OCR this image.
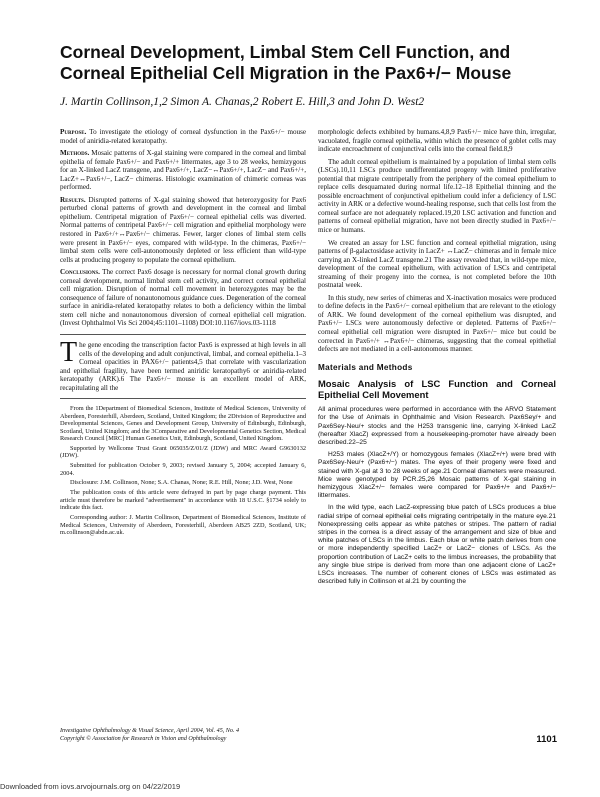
Corneal Development, Limbal Stem Cell Function, and Corneal Epithelial Cell Migration in the Pax6+/− Mouse
J. Martin Collinson,1,2 Simon A. Chanas,2 Robert E. Hill,3 and John D. West2

Purpose. To investigate the etiology of corneal dysfunction in the Pax6+/− mouse model of aniridia-related keratopathy.

Methods. Mosaic patterns of X-gal staining were compared in the corneal and limbal epithelia of female Pax6+/− and Pax6+/+ littermates, age 3 to 28 weeks, hemizygous for an X-linked LacZ transgene, and Pax6+/+, LacZ−↔Pax6+/+, LacZ− and Pax6+/+, LacZ+↔Pax6+/−, LacZ− chimeras. Histologic examination of chimeric corneas was performed.

Results. Disrupted patterns of X-gal staining showed that heterozygosity for Pax6 perturbed clonal patterns of growth and development in the corneal and limbal epithelium. Centripetal migration of Pax6+/− corneal epithelial cells was diverted. Normal patterns of centripetal Pax6+/− cell migration and epithelial morphology were restored in Pax6+/+↔Pax6+/− chimeras. Fewer, larger clones of limbal stem cells were present in Pax6+/− eyes, compared with wild-type. In the chimeras, Pax6+/− limbal stem cells were cell-autonomously depleted or less efficient than wild-type cells at producing progeny to populate the corneal epithelium.

Conclusions. The correct Pax6 dosage is necessary for normal clonal growth during corneal development, normal limbal stem cell activity, and correct corneal epithelial cell migration. Disruption of normal cell movement in heterozygotes may be the consequence of failure of nonautonomous guidance cues. Degeneration of the corneal surface in aniridia-related keratopathy relates to both a deficiency within the limbal stem cell niche and nonautonomous diversion of corneal epithelial cell migration. (Invest Ophthalmol Vis Sci 2004;45:1101–1108) DOI:10.1167/iovs.03-1118

The gene encoding the transcription factor Pax6 is expressed at high levels in all cells of the developing and adult conjunctival, limbal, and corneal epithelia.1–3 Corneal opacities in PAX6+/− patients4,5 that correlate with vascularization and epithelial fragility, have been termed aniridic keratopathy6 or aniridia-related keratopathy (ARK).6 The Pax6+/− mouse is an excellent model of ARK, recapitulating all the

From the 1Department of Biomedical Sciences, Institute of Medical Sciences, University of Aberdeen, Foresterhill, Aberdeen, Scotland, United Kingdom; the 2Division of Reproductive and Developmental Sciences, Genes and Development Group, University of Edinburgh, Edinburgh, Scotland, United Kingdom; and the 3Comparative and Developmental Genetics Section, Medical Research Council [MRC] Human Genetics Unit, Edinburgh, Scotland, United Kingdom.

Supported by Wellcome Trust Grant 065035/Z/01/Z (JDW) and MRC Award G9630132 (JDW).

Submitted for publication October 9, 2003; revised January 5, 2004; accepted January 6, 2004.

Disclosure: J.M. Collinson, None; S.A. Chanas, None; R.E. Hill, None; J.D. West, None

The publication costs of this article were defrayed in part by page charge payment. This article must therefore be marked "advertisement" in accordance with 18 U.S.C. §1734 solely to indicate this fact.

Corresponding author: J. Martin Collinson, Department of Biomedical Sciences, Institute of Medical Sciences, University of Aberdeen, Foresterhill, Aberdeen AB25 2ZD, Scotland, UK; m.collinson@abdn.ac.uk.

morphologic defects exhibited by humans.4,8,9 Pax6+/− mice have thin, irregular, vacuolated, fragile corneal epithelia, within which the presence of goblet cells may indicate encroachment of conjunctival cells into the corneal field.8,9

The adult corneal epithelium is maintained by a population of limbal stem cells (LSCs).10,11 LSCs produce undifferentiated progeny with limited proliferative potential that migrate centripetally from the periphery of the corneal epithelium to replace cells desquamated during normal life.12–18 Epithelial thinning and the possible encroachment of conjunctival epithelium could infer a deficiency of LSC activity in ARK or a defective wound-healing response, such that cells lost from the corneal surface are not adequately replaced.19,20 LSC activation and function and patterns of corneal epithelial migration, have not been directly studied in Pax6+/− mice or humans.

We created an assay for LSC function and corneal epithelial migration, using patterns of β-galactosidase activity in LacZ+ ↔LacZ− chimeras and in female mice carrying an X-linked LacZ transgene.21 The assay revealed that, in wild-type mice, development of the corneal epithelium, with activation of LSCs and centripetal streaming of their progeny into the cornea, is not completed before the 10th postnatal week.

In this study, new series of chimeras and X-inactivation mosaics were produced to define defects in the Pax6+/− corneal epithelium that are relevant to the etiology of ARK. We found development of the corneal epithelium was disrupted, and Pax6+/− LSCs were autonomously defective or depleted. Patterns of Pax6+/− corneal epithelial cell migration were disrupted in Pax6+/− mice but could be corrected in Pax6+/+ ↔Pax6+/− chimeras, suggesting that the corneal epithelial defects are not mediated in a cell-autonomous manner.

Materials and Methods
Mosaic Analysis of LSC Function and Corneal Epithelial Cell Movement

All animal procedures were performed in accordance with the ARVO Statement for the Use of Animals in Ophthalmic and Vision Research. Pax6Sey/+ and Pax6Sey-Neu/+ stocks and the H253 transgenic line, carrying X-linked LacZ (hereafter XlacZ) expressed from a housekeeping-promoter have already been described.22–25

H253 males (XlacZ+/Y) or homozygous females (XlacZ+/+) were bred with Pax6Sey-Neu/+ (Pax6+/−) mates. The eyes of their progeny were fixed and stained with X-gal at 3 to 28 weeks of age.21 Corneal diameters were measured. Mice were genotyped by PCR.25,26 Mosaic patterns of X-gal staining in hemizygous XlacZ+/− females were compared for Pax6+/+ and Pax6+/− littermates.

In the wild type, each LacZ-expressing blue patch of LSCs produces a blue radial stripe of corneal epithelial cells migrating centripetally in the mature eye.21 Nonexpressing cells appear as white patches or stripes. The pattern of radial stripes in the cornea is a direct assay of the arrangement and size of blue and white patches of LSCs in the limbus. Each blue or white patch derives from one or more independently specified LacZ+ or LacZ− clones of LSCs. As the proportion contribution of LacZ+ cells to the limbus increases, the probability that any single blue stripe is derived from more than one adjacent clone of LacZ+ LSCs increases. The number of coherent clones of LSCs was estimated as described fully in Collinson et al.21 by counting the

Investigative Ophthalmology & Visual Science, April 2004, Vol. 45, No. 4
Copyright © Association for Research in Vision and Ophthalmology	1101
Downloaded from iovs.arvojournals.org on 04/22/2019
